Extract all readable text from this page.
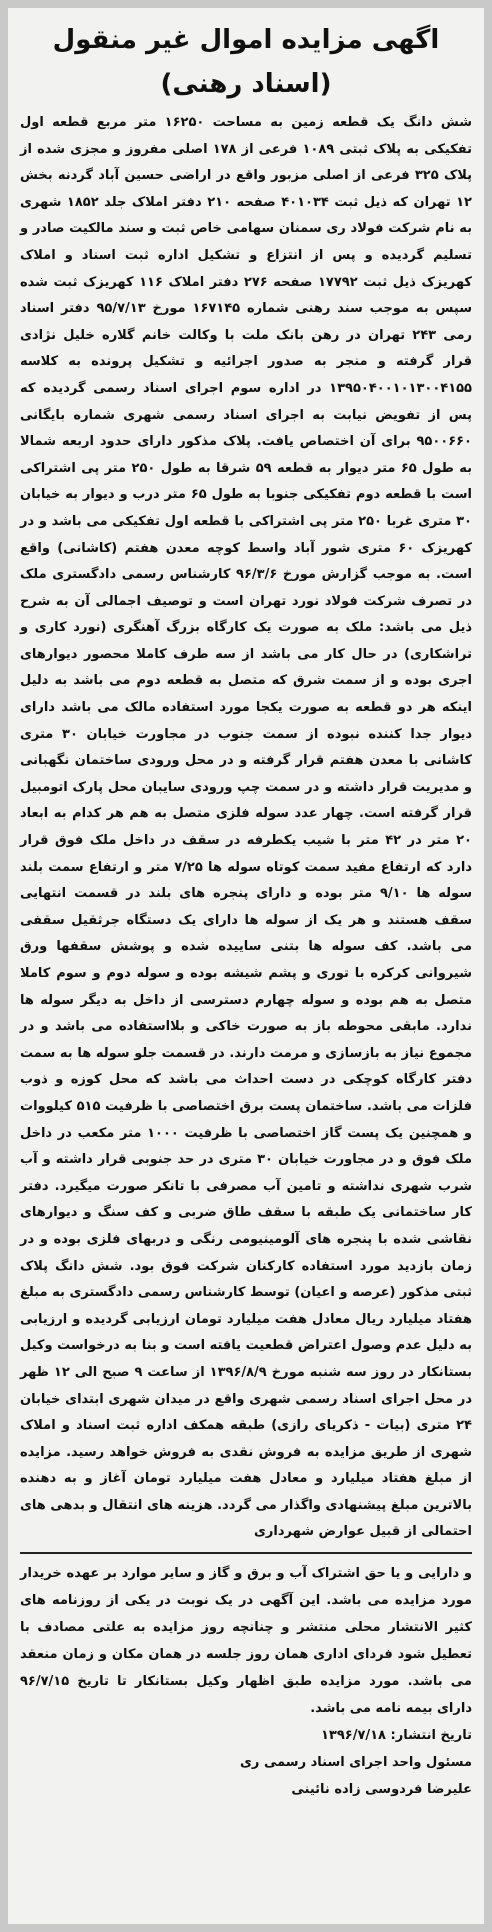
اگهی مزایده اموال غیر منقول (اسناد رهنی)

شش دانگ یک قطعه زمین به مساحت ۱۶۲۵۰ متر مربع قطعه اول تفکیکی به پلاک ثبتی ۱۰۸۹ فرعی از ۱۷۸ اصلی مفروز و مجزی شده از پلاک ۳۲۵ فرعی از اصلی مزبور واقع در اراضی حسین آباد گردنه بخش ۱۲ تهران که ذیل ثبت ۴۰۱۰۳۴ صفحه ۲۱۰ دفتر املاک جلد ۱۸۵۲ شهری به نام شرکت فولاد ری سمنان سهامی خاص ثبت و سند مالکیت صادر و تسلیم گردیده و پس از انتزاع و تشکیل اداره ثبت اسناد و املاک کهریزک ذیل ثبت ۱۷۷۹۲ صفحه ۲۷۶ دفتر املاک ۱۱۶ کهریزک ثبت شده سپس به موجب سند رهنی شماره ۱۶۷۱۴۵ مورخ ۹۵/۷/۱۳ دفتر اسناد رمی ۲۴۳ تهران در رهن بانک ملت با وکالت خانم گلاره خلیل نژادی قرار گرفته و منجر به صدور اجرائیه و تشکیل پرونده به کلاسه ۱۳۹۵۰۴۰۰۱۰۱۳۰۰۴۱۵۵ در اداره سوم اجرای اسناد رسمی گردیده که پس از تفویض نیابت به اجرای اسناد رسمی شهری شماره بایگانی ۹۵۰۰۶۶۰ برای آن اختصاص یافت. پلاک مذکور دارای حدود اربعه شمالا به طول ۶۵ متر دیوار به قطعه ۵۹ شرقا به طول ۲۵۰ متر پی اشتراکی است با قطعه دوم تفکیکی جنوبا به طول ۶۵ متر درب و دیوار به خیابان ۳۰ متری غربا ۲۵۰ متر پی اشتراکی با قطعه اول تفکیکی می باشد و در کهریزک ۶۰ متری شور آباد واسط کوچه معدن هفتم (کاشانی) واقع است. به موجب گزارش مورخ ۹۶/۳/۶ کارشناس رسمی دادگستری ملک در تصرف شرکت فولاد نورد تهران است و توصیف اجمالی آن به شرح ذیل می باشد: ملک به صورت یک کارگاه بزرگ آهنگری (نورد کاری و تراشکاری) در حال کار می باشد از سه طرف کاملا محصور دیوارهای اجری بوده و از سمت شرق که متصل به قطعه دوم می باشد به دلیل اینکه هر دو قطعه به صورت یکجا مورد استفاده مالک می باشد دارای دیوار جدا کننده نبوده از سمت جنوب در مجاورت خیابان ۳۰ متری کاشانی با معدن هفتم قرار گرفته و در محل ورودی ساختمان نگهبانی و مدیریت قرار داشته و در سمت چپ ورودی سایبان محل پارک اتومبیل قرار گرفته است. چهار عدد سوله فلزی متصل به هم هر کدام به ابعاد ۲۰ متر در ۴۲ متر با شیب یکطرفه در سقف در داخل ملک فوق قرار دارد که ارتفاع مفید سمت کوتاه سوله ها ۷/۲۵ متر و ارتفاع سمت بلند سوله ها ۹/۱۰ متر بوده و دارای پنجره های بلند در قسمت انتهایی سقف هستند و هر یک از سوله ها دارای یک دستگاه جرثقیل سقفی می باشد. کف سوله ها بتنی ساییده شده و پوشش سقفها ورق شیروانی کرکره با توری و پشم شیشه بوده و سوله دوم و سوم کاملا متصل به هم بوده و سوله چهارم دسترسی از داخل به دیگر سوله ها ندارد. مابقی محوطه باز به صورت خاکی و بلااستفاده می باشد و در مجموع نیاز به بازسازی و مرمت دارند. در قسمت جلو سوله ها به سمت دفتر کارگاه کوچکی در دست احداث می باشد که محل کوزه و ذوب فلزات می باشد. ساختمان پست برق اختصاصی با ظرفیت ۵۱۵ کیلووات و همچنین یک پست گاز اختصاصی با ظرفیت ۱۰۰۰ متر مکعب در داخل ملک فوق و در مجاورت خیابان ۳۰ متری در حد جنوبی قرار داشته و آب شرب شهری نداشته و تامین آب مصرفی با تانکر صورت میگیرد. دفتر کار ساختمانی یک طبقه با سقف طاق ضربی و کف سنگ و دیوارهای نقاشی شده با پنجره های آلومینیومی رنگی و دربهای فلزی بوده و در زمان بازدید مورد استفاده کارکنان شرکت فوق بود. شش دانگ پلاک ثبتی مذکور (عرصه و اعیان) توسط کارشناس رسمی دادگستری به مبلغ هفتاد میلیارد ریال معادل هفت میلیارد تومان ارزیابی گردیده و ارزیابی به دلیل عدم وصول اعتراض قطعیت یافته است و بنا به درخواست وکیل بستانکار در روز سه شنبه مورخ ۱۳۹۶/۸/۹ از ساعت ۹ صبح الی ۱۲ ظهر در محل اجرای اسناد رسمی شهری واقع در میدان شهری ابتدای خیابان ۲۴ متری (بیات - ذکریای رازی) طبقه همکف اداره ثبت اسناد و املاک شهری از طریق مزایده به فروش نقدی به فروش خواهد رسید. مزایده از مبلغ هفتاد میلیارد و معادل هفت میلیارد تومان آغاز و به دهنده بالاترین مبلغ پیشنهادی واگذار می گردد. هزینه های انتقال و بدهی های احتمالی از قبیل عوارض شهرداری

و دارایی و یا حق اشتراک آب و برق و گاز و سایر موارد بر عهده خریدار مورد مزایده می باشد. این آگهی در یک نوبت در یکی از روزنامه های کثیر الانتشار محلی منتشر و چنانچه روز مزایده به علتی مصادف با تعطیل شود فردای اداری همان روز جلسه در همان مکان و زمان منعقد می باشد. مورد مزایده طبق اظهار وکیل بستانکار تا تاریخ ۹۶/۷/۱۵ دارای بیمه نامه می باشد.

تاریخ انتشار: ۱۳۹۶/۷/۱۸

مسئول واحد اجرای اسناد رسمی ری

علیرضا فردوسی زاده نائینی
